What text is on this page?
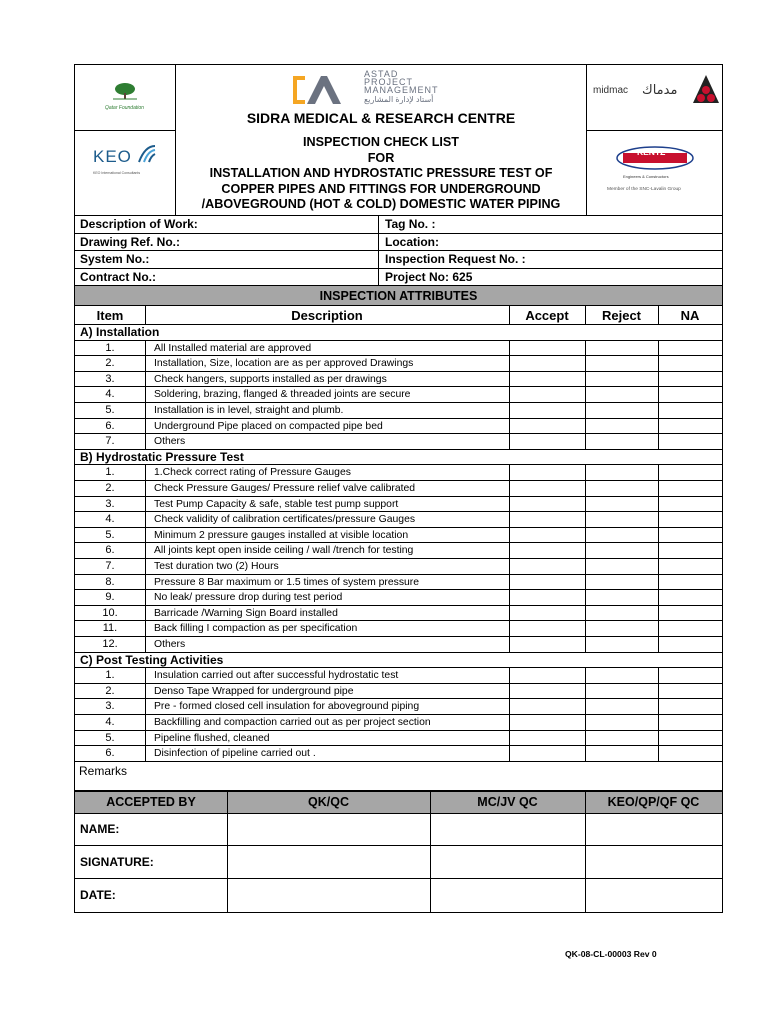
Qatar Foundation
KEO
KEO International Consultants
ASTAD
PROJECT
MANAGEMENT
أستاد لإدارة المشاريع
SIDRA MEDICAL & RESEARCH CENTRE
INSPECTION CHECK LIST
FOR
INSTALLATION AND HYDROSTATIC PRESSURE TEST OF
COPPER PIPES AND FITTINGS FOR UNDERGROUND
/ABOVEGROUND (HOT & COLD) DOMESTIC WATER PIPING
midmac مدماك
KENTZ
Engineers & Constructors
Member of the SNC-Lavalin Group
Description of Work:	Tag No. :
Drawing Ref. No.:	Location:
System No.:	Inspection Request No. :
Contract No.:	Project No: 625
INSPECTION ATTRIBUTES
Item	Description	Accept	Reject	NA
A) Installation
1.	All Installed material are approved
2.	Installation, Size, location are as per approved Drawings
3.	Check hangers, supports installed as per drawings
4.	Soldering, brazing, flanged & threaded joints are secure
5.	Installation is in level, straight and plumb.
6.	Underground Pipe placed on compacted pipe bed
7.	Others
B) Hydrostatic Pressure Test
1.	1.Check correct rating of Pressure Gauges
2.	Check Pressure Gauges/ Pressure relief valve calibrated
3.	Test Pump Capacity & safe, stable test pump support
4.	Check validity of calibration certificates/pressure Gauges
5.	Minimum 2 pressure gauges installed at visible location
6.	All joints kept open inside ceiling / wall /trench for testing
7.	Test duration two (2) Hours
8.	Pressure 8 Bar maximum or 1.5 times of system pressure
9.	No leak/ pressure drop during test period
10.	Barricade /Warning Sign Board installed
11.	Back filling I compaction as per specification
12.	Others
C) Post Testing Activities
1.	Insulation carried out after successful hydrostatic test
2.	Denso Tape Wrapped for underground pipe
3.	Pre - formed closed cell insulation for aboveground piping
4.	Backfilling and compaction carried out as per project section
5.	Pipeline flushed, cleaned
6.	Disinfection of pipeline carried out .
Remarks
ACCEPTED BY	QK/QC	MC/JV QC	KEO/QP/QF QC
NAME:
SIGNATURE:
DATE:
QK-08-CL-00003 Rev 0
